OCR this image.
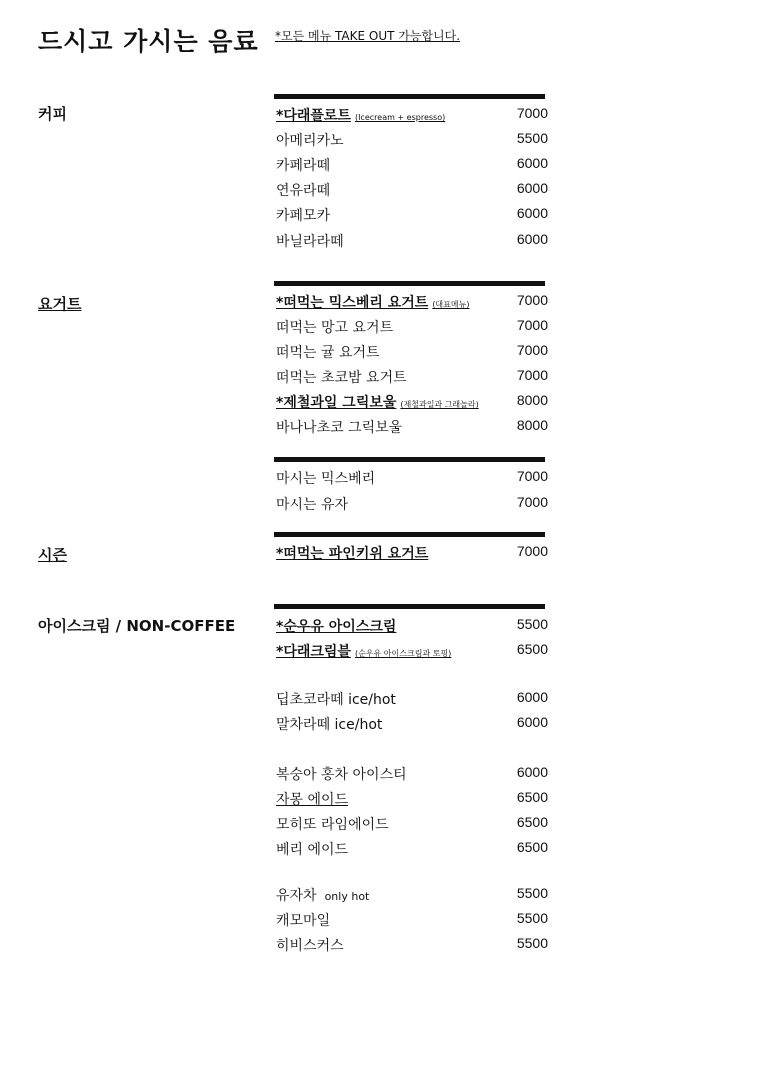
드시고 가시는 음료 *모든 메뉴 TAKE OUT 가능합니다.
커피	*다래플로트 (Icecream + espresso)	7000
아메리카노	5500
카페라떼	6000
연유라떼	6000
카페모카	6000
바닐라라떼	6000
요거트	*떠먹는 믹스베리 요거트 (대표메뉴)	7000
떠먹는 망고 요거트	7000
떠먹는 귤 요거트	7000
떠먹는 초코밤 요거트	7000
*제철과일 그릭보울 (제철과일과 그래놀라)	8000
바나나초코 그릭보울	8000
마시는 믹스베리	7000
마시는 유자	7000
시즌	*떠먹는 파인키위 요거트	7000
아이스크림 / NON-COFFEE	*순우유 아이스크림	5500
*다래크림블 (순우유 아이스크림과 토핑)	6500
딥초코라떼 ice/hot	6000
말차라떼 ice/hot	6000
복숭아 홍차 아이스티	6000
자몽 에이드	6500
모히또 라임에이드	6500
베리 에이드	6500
유자차 only hot	5500
캐모마일	5500
히비스커스	5500
